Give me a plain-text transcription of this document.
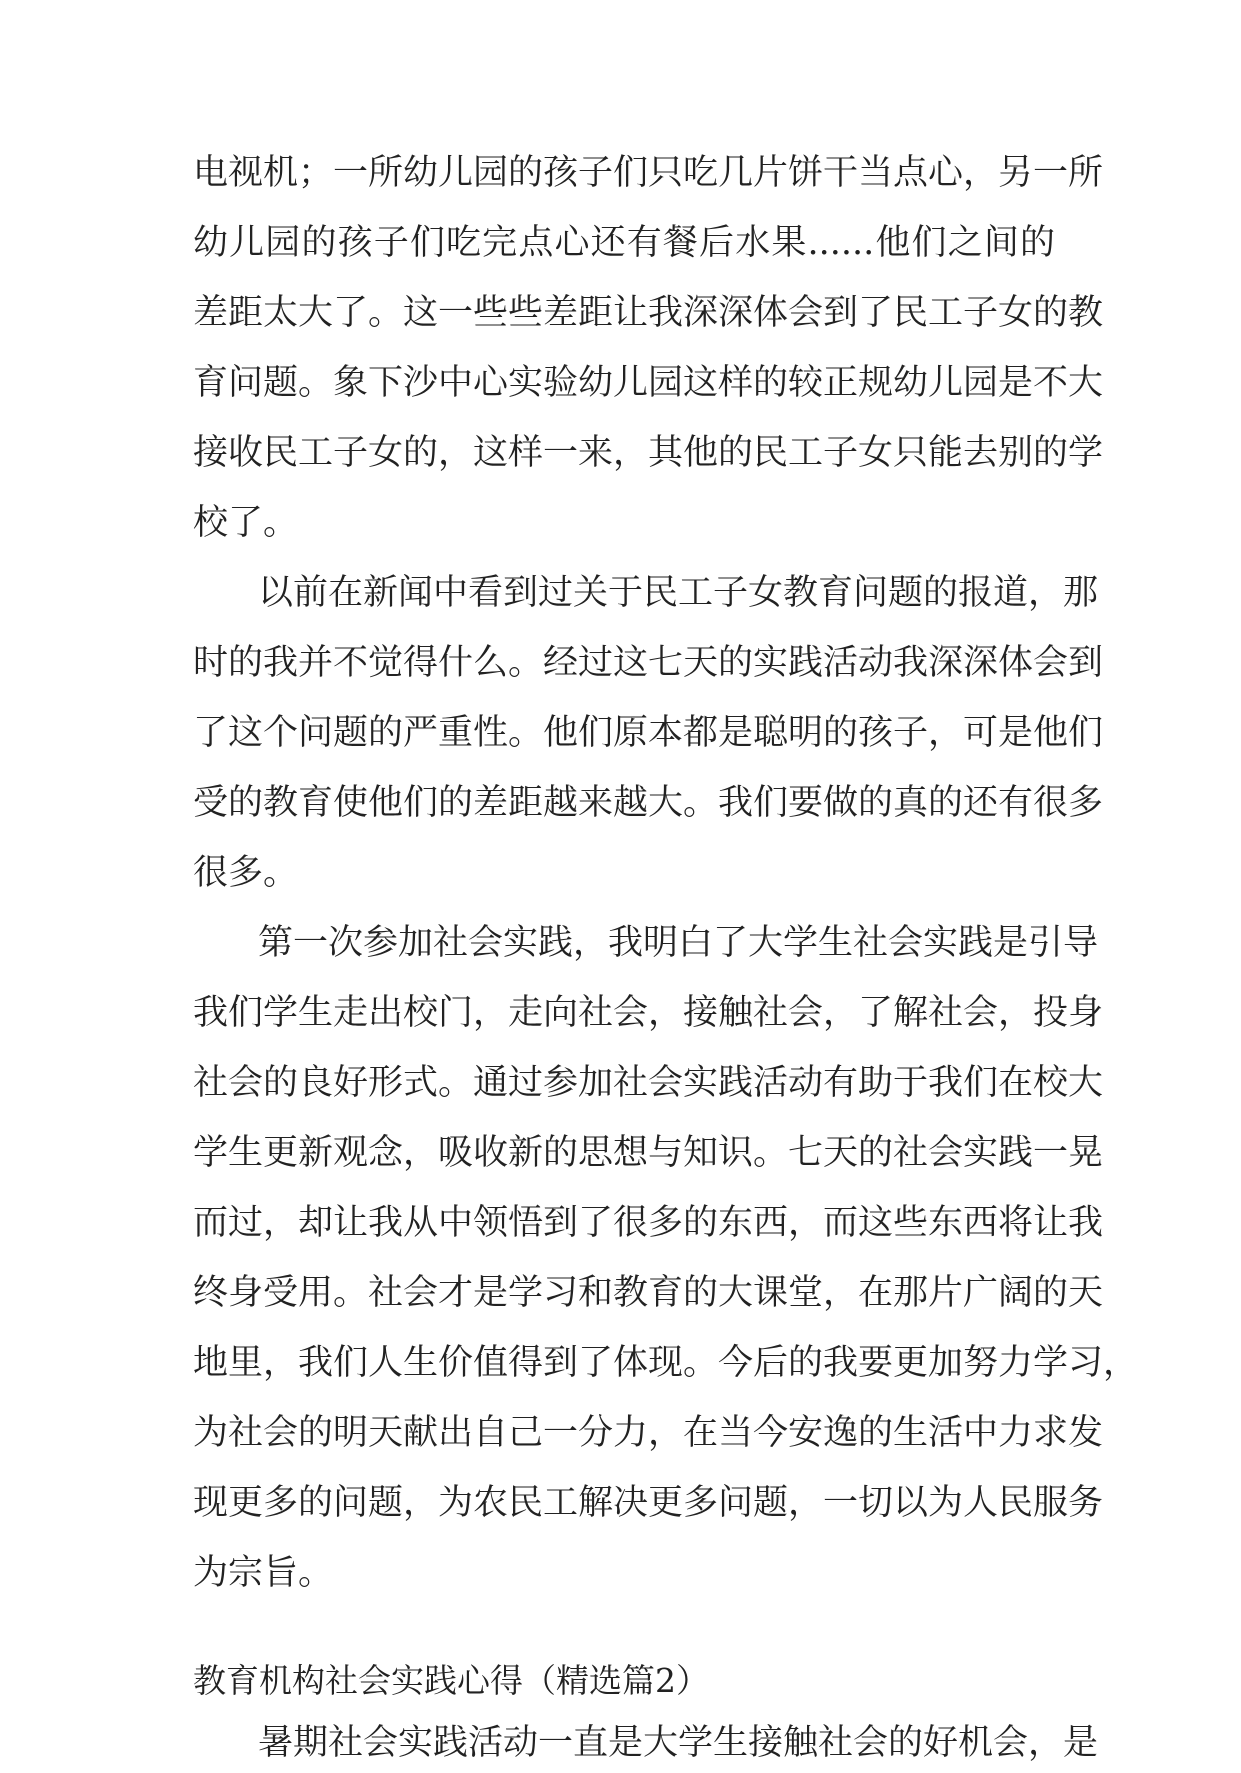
电视机；一所幼儿园的孩子们只吃几片饼干当点心，另一所
幼儿园的孩子们吃完点心还有餐后水果......他们之间的
差距太大了。这一些些差距让我深深体会到了民工子女的教
育问题。象下沙中心实验幼儿园这样的较正规幼儿园是不大
接收民工子女的，这样一来，其他的民工子女只能去别的学
校了。
以前在新闻中看到过关于民工子女教育问题的报道，那
时的我并不觉得什么。经过这七天的实践活动我深深体会到
了这个问题的严重性。他们原本都是聪明的孩子，可是他们
受的教育使他们的差距越来越大。我们要做的真的还有很多
很多。
第一次参加社会实践，我明白了大学生社会实践是引导
我们学生走出校门，走向社会，接触社会，了解社会，投身
社会的良好形式。通过参加社会实践活动有助于我们在校大
学生更新观念，吸收新的思想与知识。七天的社会实践一晃
而过，却让我从中领悟到了很多的东西，而这些东西将让我
终身受用。社会才是学习和教育的大课堂，在那片广阔的天
地里，我们人生价值得到了体现。今后的我要更加努力学习，
为社会的明天献出自己一分力，在当今安逸的生活中力求发
现更多的问题，为农民工解决更多问题，一切以为人民服务
为宗旨。
教育机构社会实践心得（精选篇2）
暑期社会实践活动一直是大学生接触社会的好机会，是
